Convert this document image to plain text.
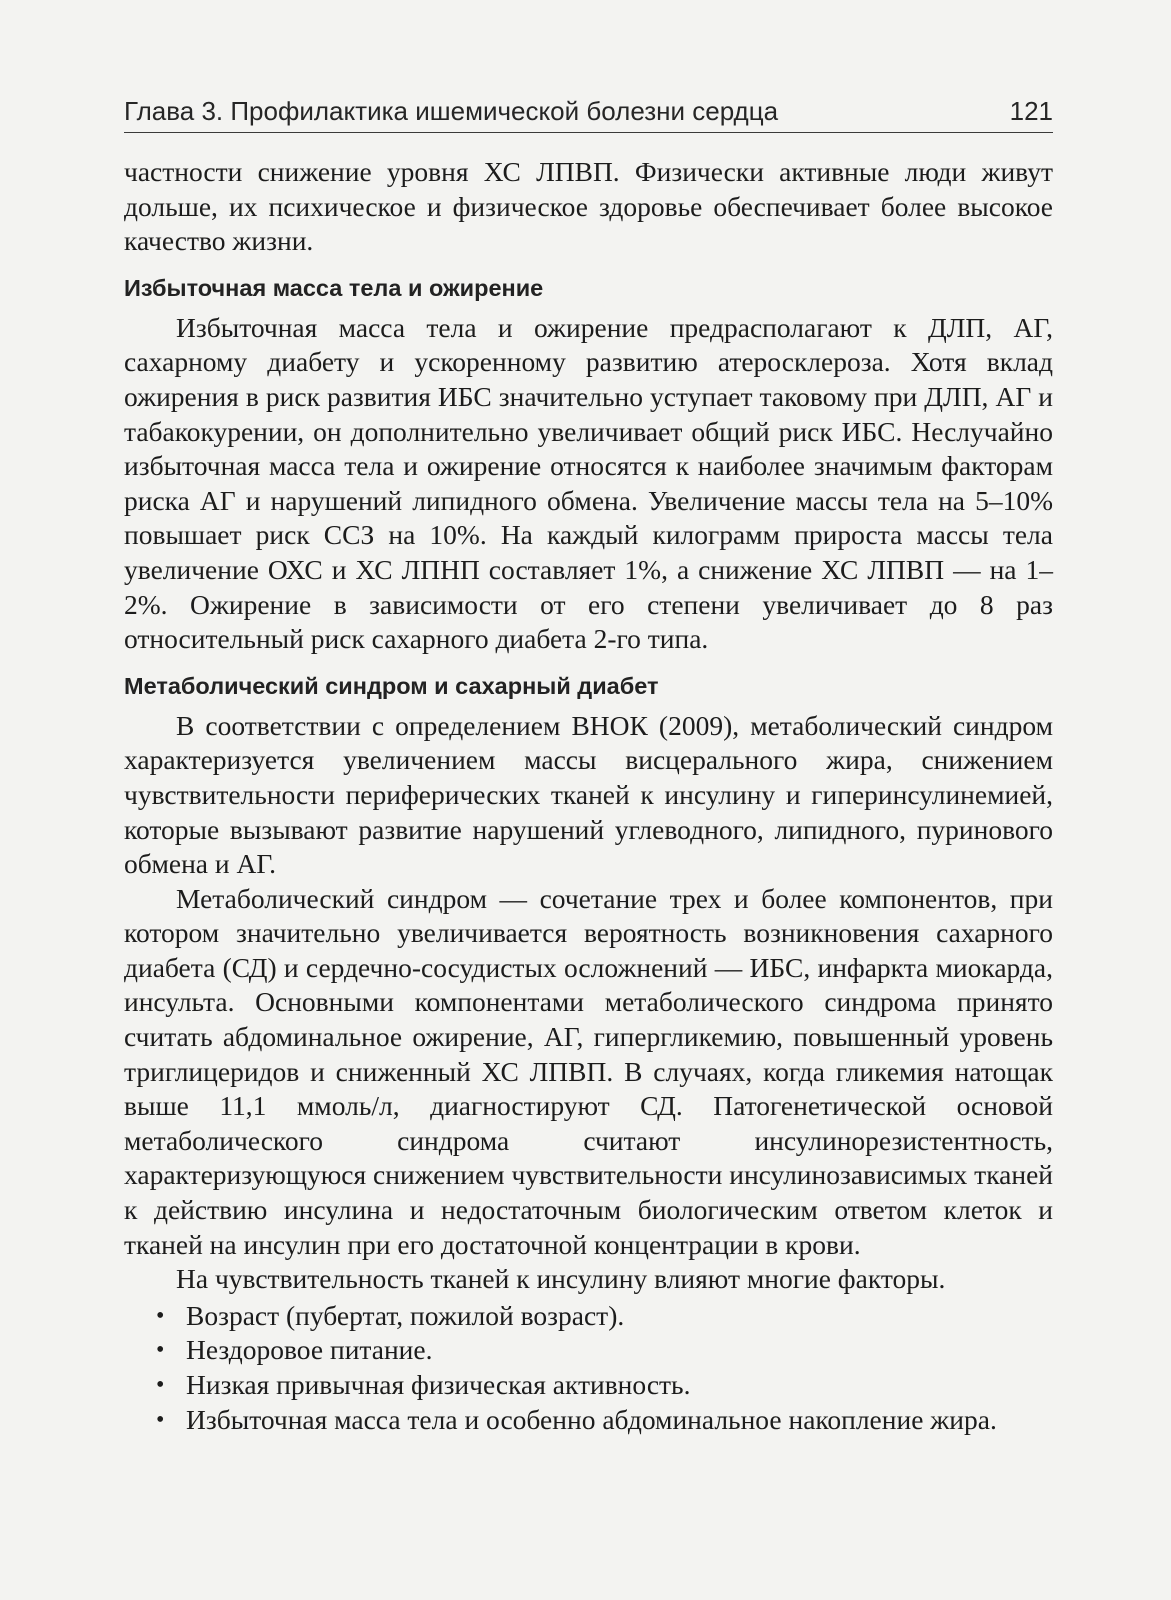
Глава 3. Профилактика ишемической болезни сердца	121

частности снижение уровня ХС ЛПВП. Физически активные люди живут дольше, их психическое и физическое здоровье обеспечивает более высокое качество жизни.

Избыточная масса тела и ожирение

Избыточная масса тела и ожирение предрасполагают к ДЛП, АГ, сахарному диабету и ускоренному развитию атеросклероза. Хотя вклад ожирения в риск развития ИБС значительно уступает таковому при ДЛП, АГ и табакокурении, он дополнительно увеличивает общий риск ИБС. Неслучайно избыточная масса тела и ожирение относятся к наиболее значимым факторам риска АГ и нарушений липидного обмена. Увеличение массы тела на 5–10% повышает риск ССЗ на 10%. На каждый килограмм прироста массы тела увеличение ОХС и ХС ЛПНП составляет 1%, а снижение ХС ЛПВП — на 1–2%. Ожирение в зависимости от его степени увеличивает до 8 раз относительный риск сахарного диабета 2-го типа.

Метаболический синдром и сахарный диабет

В соответствии с определением ВНОК (2009), метаболический синдром характеризуется увеличением массы висцерального жира, снижением чувствительности периферических тканей к инсулину и гиперинсулинемией, которые вызывают развитие нарушений углеводного, липидного, пуринового обмена и АГ.

Метаболический синдром — сочетание трех и более компонентов, при котором значительно увеличивается вероятность возникновения сахарного диабета (СД) и сердечно-сосудистых осложнений — ИБС, инфаркта миокарда, инсульта. Основными компонентами метаболического синдрома принято считать абдоминальное ожирение, АГ, гипергликемию, повышенный уровень триглицеридов и сниженный ХС ЛПВП. В случаях, когда гликемия натощак выше 11,1 ммоль/л, диагностируют СД. Патогенетической основой метаболического синдрома считают инсулинорезистентность, характеризующуюся снижением чувствительности инсулинозависимых тканей к действию инсулина и недостаточным биологическим ответом клеток и тканей на инсулин при его достаточной концентрации в крови.

На чувствительность тканей к инсулину влияют многие факторы.

• Возраст (пубертат, пожилой возраст).
• Нездоровое питание.
• Низкая привычная физическая активность.
• Избыточная масса тела и особенно абдоминальное накопление жира.
